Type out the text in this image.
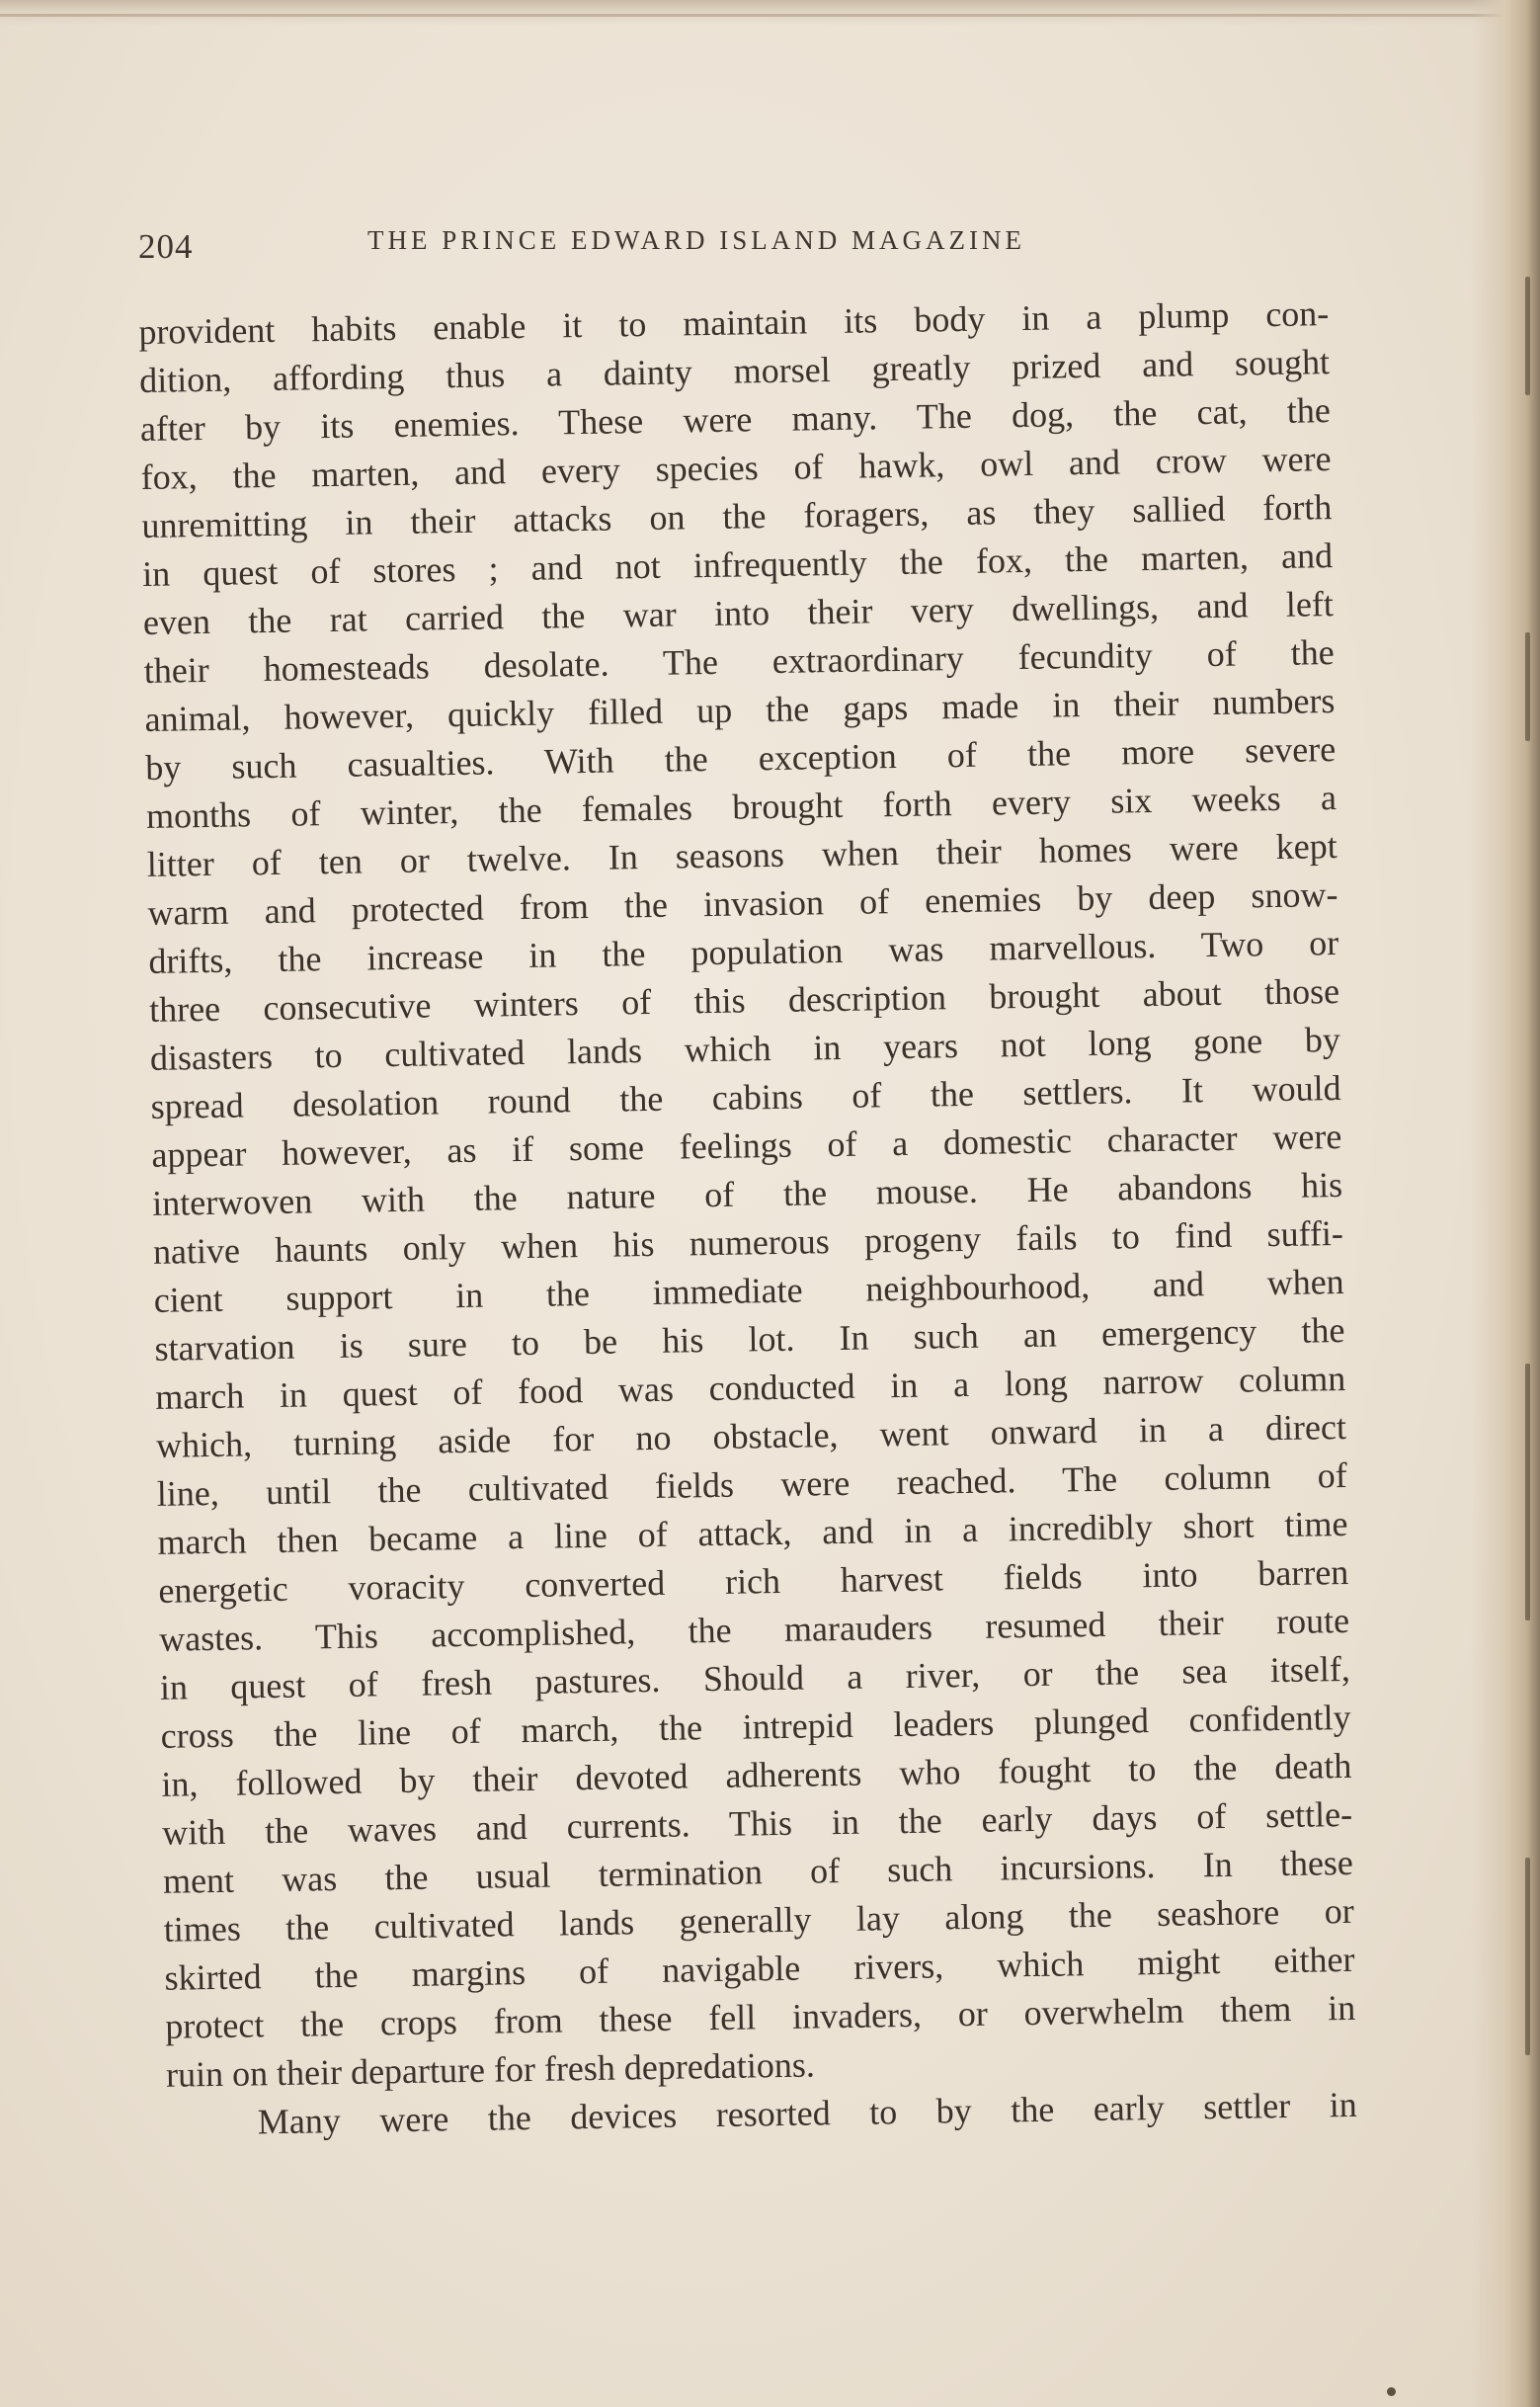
204	THE PRINCE EDWARD ISLAND MAGAZINE
provident habits enable it to maintain its body in a plump con-
dition, affording thus a dainty morsel greatly prized and sought
after by its enemies. These were many. The dog, the cat, the
fox, the marten, and every species of hawk, owl and crow were
unremitting in their attacks on the foragers, as they sallied forth
in quest of stores ; and not infrequently the fox, the marten, and
even the rat carried the war into their very dwellings, and left
their homesteads desolate. The extraordinary fecundity of the
animal, however, quickly filled up the gaps made in their numbers
by such casualties. With the exception of the more severe
months of winter, the females brought forth every six weeks a
litter of ten or twelve. In seasons when their homes were kept
warm and protected from the invasion of enemies by deep snow-
drifts, the increase in the population was marvellous. Two or
three consecutive winters of this description brought about those
disasters to cultivated lands which in years not long gone by
spread desolation round the cabins of the settlers. It would
appear however, as if some feelings of a domestic character were
interwoven with the nature of the mouse. He abandons his
native haunts only when his numerous progeny fails to find suffi-
cient support in the immediate neighbourhood, and when
starvation is sure to be his lot. In such an emergency the
march in quest of food was conducted in a long narrow column
which, turning aside for no obstacle, went onward in a direct
line, until the cultivated fields were reached. The column of
march then became a line of attack, and in a incredibly short time
energetic voracity converted rich harvest fields into barren
wastes. This accomplished, the marauders resumed their route
in quest of fresh pastures. Should a river, or the sea itself,
cross the line of march, the intrepid leaders plunged confidently
in, followed by their devoted adherents who fought to the death
with the waves and currents. This in the early days of settle-
ment was the usual termination of such incursions. In these
times the cultivated lands generally lay along the seashore or
skirted the margins of navigable rivers, which might either
protect the crops from these fell invaders, or overwhelm them in
ruin on their departure for fresh depredations.
Many were the devices resorted to by the early settler in
